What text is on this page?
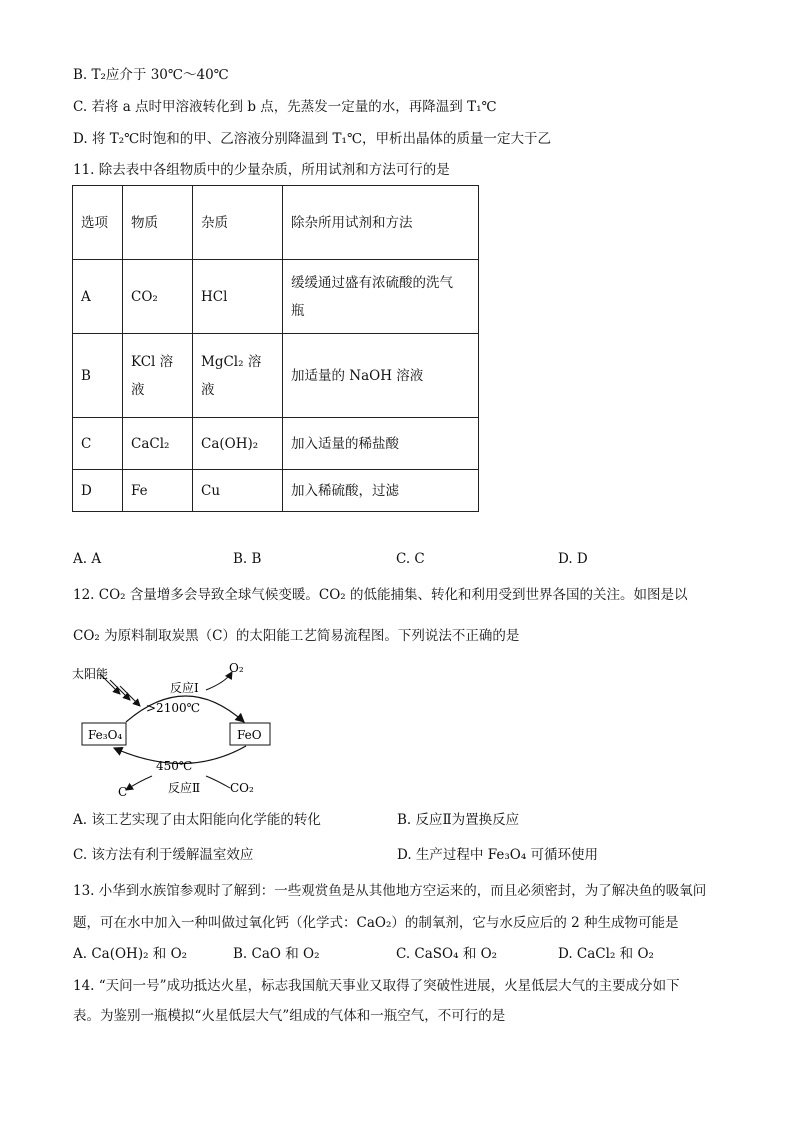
B. T₂应介于 30℃～40℃
C. 若将 a 点时甲溶液转化到 b 点，先蒸发一定量的水，再降温到 T₁℃
D. 将 T₂℃时饱和的甲、乙溶液分别降温到 T₁℃，甲析出晶体的质量一定大于乙
11. 除去表中各组物质中的少量杂质，所用试剂和方法可行的是
选项	物质	杂质	除杂所用试剂和方法
A	CO₂	HCl	缓缓通过盛有浓硫酸的洗气瓶
B	KCl 溶液	MgCl₂ 溶液	加适量的 NaOH 溶液
C	CaCl₂	Ca(OH)₂	加入适量的稀盐酸
D	Fe	Cu	加入稀硫酸，过滤
A. A	B. B	C. C	D. D
12. CO₂ 含量增多会导致全球气候变暖。CO₂ 的低能捕集、转化和利用受到世界各国的关注。如图是以
CO₂ 为原料制取炭黑（C）的太阳能工艺简易流程图。下列说法不正确的是
太阳能	O₂
反应Ⅰ
>2100℃
Fe₃O₄	FeO
450℃
C	反应Ⅱ CO₂
A. 该工艺实现了由太阳能向化学能的转化	B. 反应Ⅱ为置换反应
C. 该方法有利于缓解温室效应	D. 生产过程中 Fe₃O₄ 可循环使用
13. 小华到水族馆参观时了解到：一些观赏鱼是从其他地方空运来的，而且必须密封，为了解决鱼的吸氧问
题，可在水中加入一种叫做过氧化钙（化学式：CaO₂）的制氧剂，它与水反应后的 2 种生成物可能是
A. Ca(OH)₂ 和 O₂	B. CaO 和 O₂	C. CaSO₄ 和 O₂	D. CaCl₂ 和 O₂
14. “天问一号”成功抵达火星，标志我国航天事业又取得了突破性进展，火星低层大气的主要成分如下
表。为鉴别一瓶模拟“火星低层大气”组成的气体和一瓶空气，不可行的是
